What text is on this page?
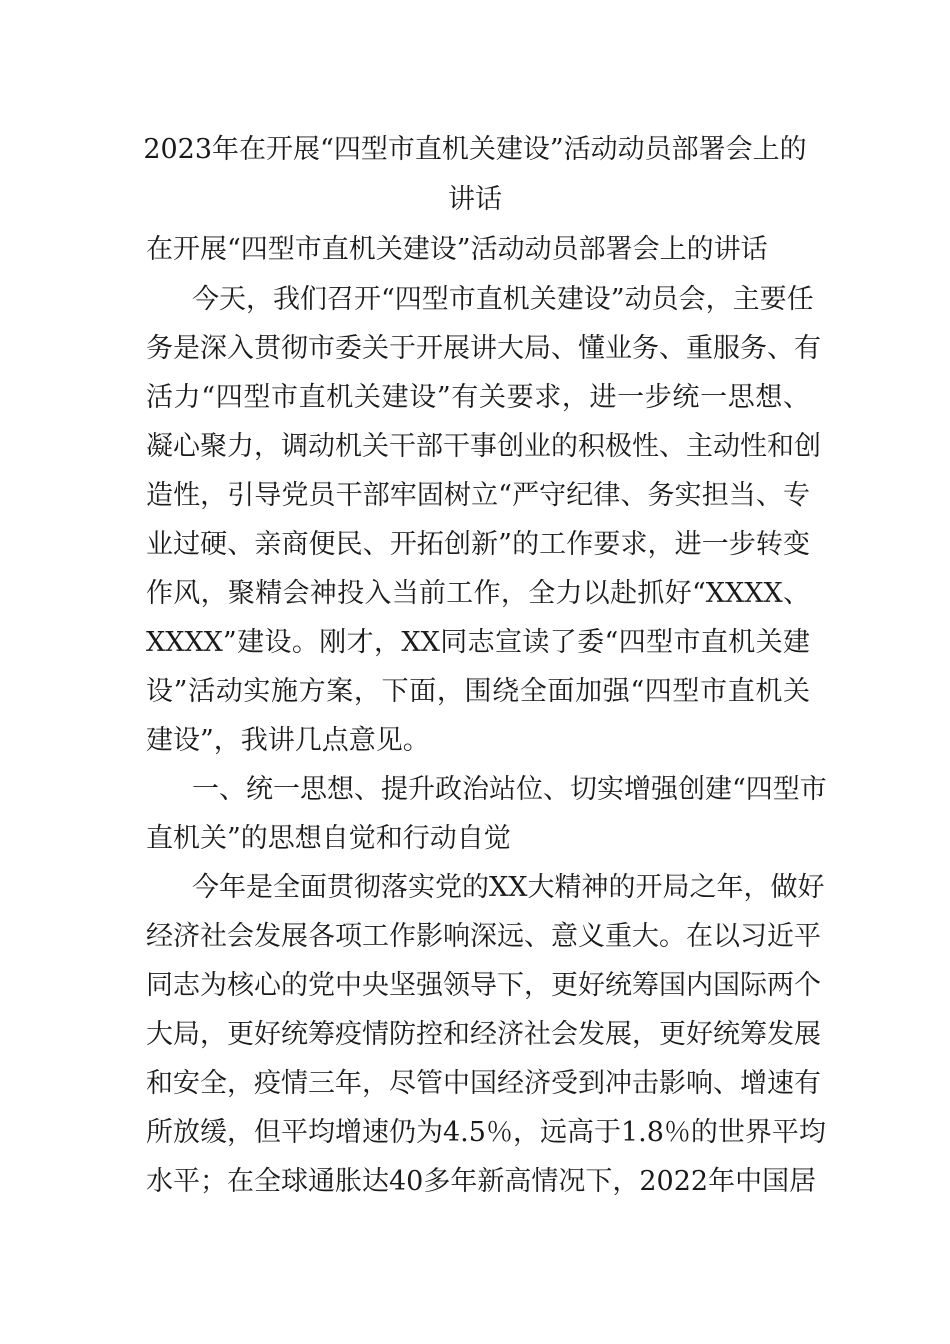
2023年在开展“四型市直机关建设”活动动员部署会上的
讲话
在开展“四型市直机关建设”活动动员部署会上的讲话
今天，我们召开“四型市直机关建设”动员会，主要任
务是深入贯彻市委关于开展讲大局、懂业务、重服务、有
活力“四型市直机关建设”有关要求，进一步统一思想、
凝心聚力，调动机关干部干事创业的积极性、主动性和创
造性，引导党员干部牢固树立“严守纪律、务实担当、专
业过硬、亲商便民、开拓创新”的工作要求，进一步转变
作风，聚精会神投入当前工作，全力以赴抓好“XXXX、
XXXX”建设。刚才，XX同志宣读了委“四型市直机关建
设”活动实施方案，下面，围绕全面加强“四型市直机关
建设”，我讲几点意见。
一、统一思想、提升政治站位、切实增强创建“四型市
直机关”的思想自觉和行动自觉
今年是全面贯彻落实党的XX大精神的开局之年，做好
经济社会发展各项工作影响深远、意义重大。在以习近平
同志为核心的党中央坚强领导下，更好统筹国内国际两个
大局，更好统筹疫情防控和经济社会发展，更好统筹发展
和安全，疫情三年，尽管中国经济受到冲击影响、增速有
所放缓，但平均增速仍为4.5％，远高于1.8％的世界平均
水平；在全球通胀达40多年新高情况下，2022年中国居
